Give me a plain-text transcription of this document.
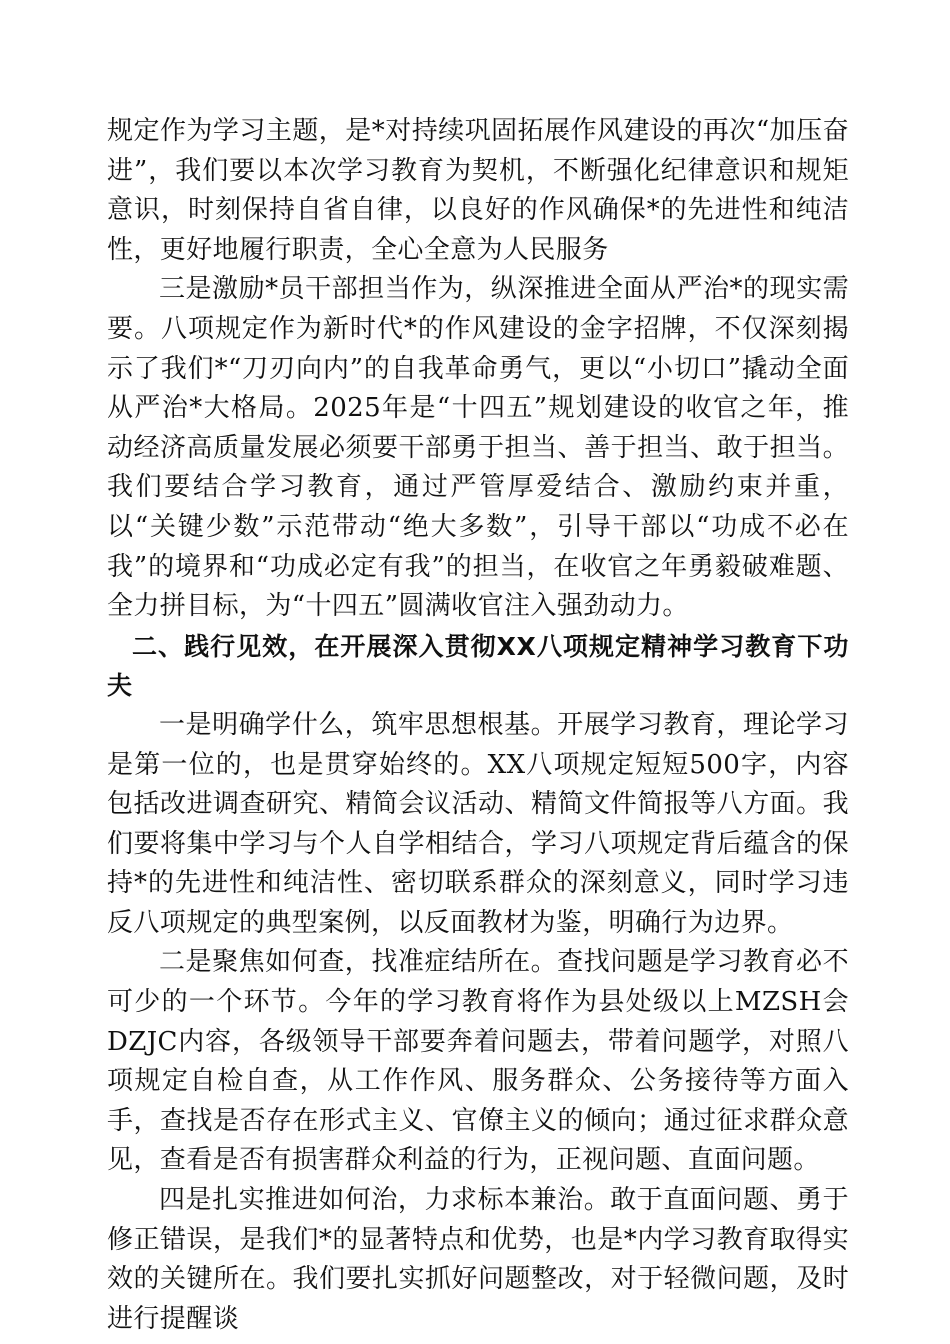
规定作为学习主题，是*对持续巩固拓展作风建设的再次“加压奋进”，我们要以本次学习教育为契机，不断强化纪律意识和规矩意识，时刻保持自省自律，以良好的作风确保*的先进性和纯洁性，更好地履行职责，全心全意为人民服务

三是激励*员干部担当作为，纵深推进全面从严治*的现实需要。八项规定作为新时代*的作风建设的金字招牌，不仅深刻揭示了我们*“刀刃向内”的自我革命勇气，更以“小切口”撬动全面从严治*大格局。2025年是“十四五”规划建设的收官之年，推动经济高质量发展必须要干部勇于担当、善于担当、敢于担当。我们要结合学习教育，通过严管厚爱结合、激励约束并重，以“关键少数”示范带动“绝大多数”，引导干部以“功成不必在我”的境界和“功成必定有我”的担当，在收官之年勇毅破难题、全力拼目标，为“十四五”圆满收官注入强劲动力。

二、践行见效，在开展深入贯彻XX八项规定精神学习教育下功夫

一是明确学什么，筑牢思想根基。开展学习教育，理论学习是第一位的，也是贯穿始终的。XX八项规定短短500字，内容包括改进调查研究、精简会议活动、精简文件简报等八方面。我们要将集中学习与个人自学相结合，学习八项规定背后蕴含的保持*的先进性和纯洁性、密切联系群众的深刻意义，同时学习违反八项规定的典型案例，以反面教材为鉴，明确行为边界。

二是聚焦如何查，找准症结所在。查找问题是学习教育必不可少的一个环节。今年的学习教育将作为县处级以上MZSH会DZJC内容，各级领导干部要奔着问题去，带着问题学，对照八项规定自检自查，从工作作风、服务群众、公务接待等方面入手，查找是否存在形式主义、官僚主义的倾向；通过征求群众意见，查看是否有损害群众利益的行为，正视问题、直面问题。

四是扎实推进如何治，力求标本兼治。敢于直面问题、勇于修正错误，是我们*的显著特点和优势，也是*内学习教育取得实效的关键所在。我们要扎实抓好问题整改，对于轻微问题，及时进行提醒谈
